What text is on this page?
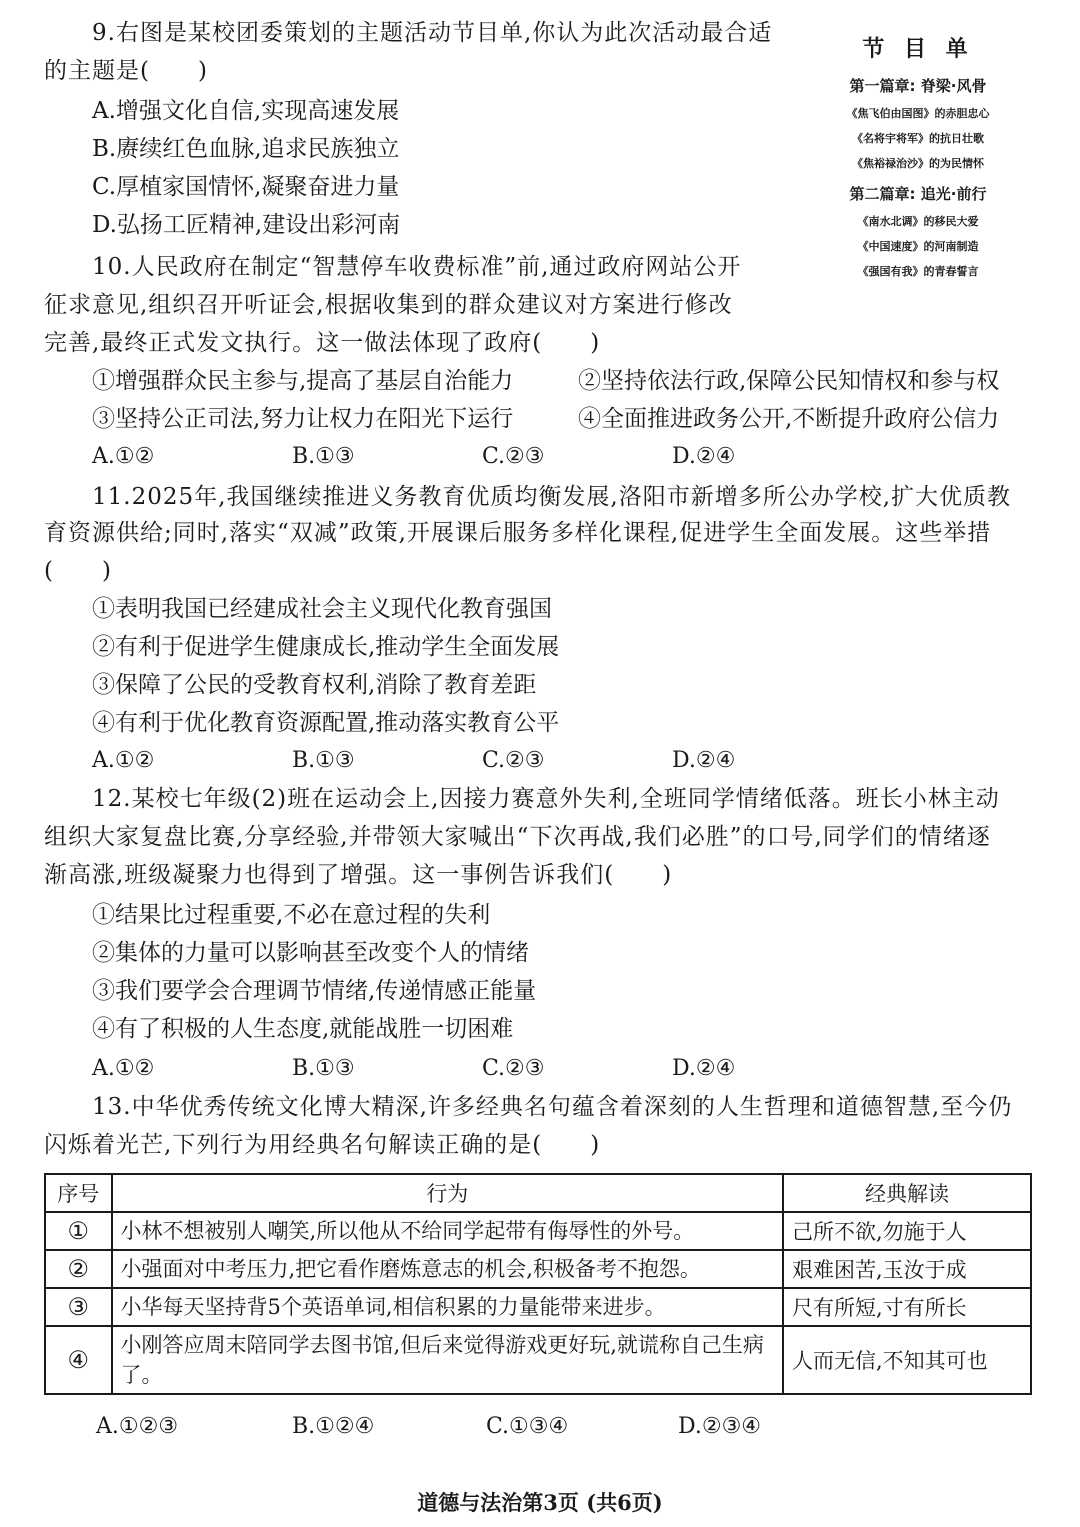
9.右图是某校团委策划的主题活动节目单,你认为此次活动最合适
的主题是(　　)
A.增强文化自信,实现高速发展
B.赓续红色血脉,追求民族独立
C.厚植家国情怀,凝聚奋进力量
D.弘扬工匠精神,建设出彩河南
节 目 单
第一篇章: 脊梁·风骨
《焦飞伯由国图》的赤胆忠心
《名将宇将军》的抗日壮歌
《焦裕禄治沙》的为民情怀
第二篇章: 追光·前行
《南水北调》的移民大爱
《中国速度》的河南制造
《强国有我》的青春誓言
10.人民政府在制定“智慧停车收费标准”前,通过政府网站公开
征求意见,组织召开听证会,根据收集到的群众建议对方案进行修改
完善,最终正式发文执行。这一做法体现了政府(　　)
①增强群众民主参与,提高了基层自治能力	②坚持依法行政,保障公民知情权和参与权
③坚持公正司法,努力让权力在阳光下运行	④全面推进政务公开,不断提升政府公信力
A.①②	B.①③	C.②③	D.②④
11.2025年,我国继续推进义务教育优质均衡发展,洛阳市新增多所公办学校,扩大优质教
育资源供给;同时,落实“双减”政策,开展课后服务多样化课程,促进学生全面发展。这些举措
(　　)
①表明我国已经建成社会主义现代化教育强国
②有利于促进学生健康成长,推动学生全面发展
③保障了公民的受教育权利,消除了教育差距
④有利于优化教育资源配置,推动落实教育公平
A.①②	B.①③	C.②③	D.②④
12.某校七年级(2)班在运动会上,因接力赛意外失利,全班同学情绪低落。班长小林主动
组织大家复盘比赛,分享经验,并带领大家喊出“下次再战,我们必胜”的口号,同学们的情绪逐
渐高涨,班级凝聚力也得到了增强。这一事例告诉我们(　　)
①结果比过程重要,不必在意过程的失利
②集体的力量可以影响甚至改变个人的情绪
③我们要学会合理调节情绪,传递情感正能量
④有了积极的人生态度,就能战胜一切困难
A.①②	B.①③	C.②③	D.②④
13.中华优秀传统文化博大精深,许多经典名句蕴含着深刻的人生哲理和道德智慧,至今仍
闪烁着光芒,下列行为用经典名句解读正确的是(　　)
序号	行为	经典解读
①	小林不想被别人嘲笑,所以他从不给同学起带有侮辱性的外号。	己所不欲,勿施于人
②	小强面对中考压力,把它看作磨炼意志的机会,积极备考不抱怨。	艰难困苦,玉汝于成
③	小华每天坚持背5个英语单词,相信积累的力量能带来进步。	尺有所短,寸有所长
④	小刚答应周末陪同学去图书馆,但后来觉得游戏更好玩,就谎称自己生病了。	人而无信,不知其可也
A.①②③	B.①②④	C.①③④	D.②③④
道德与法治第3页 (共6页)
